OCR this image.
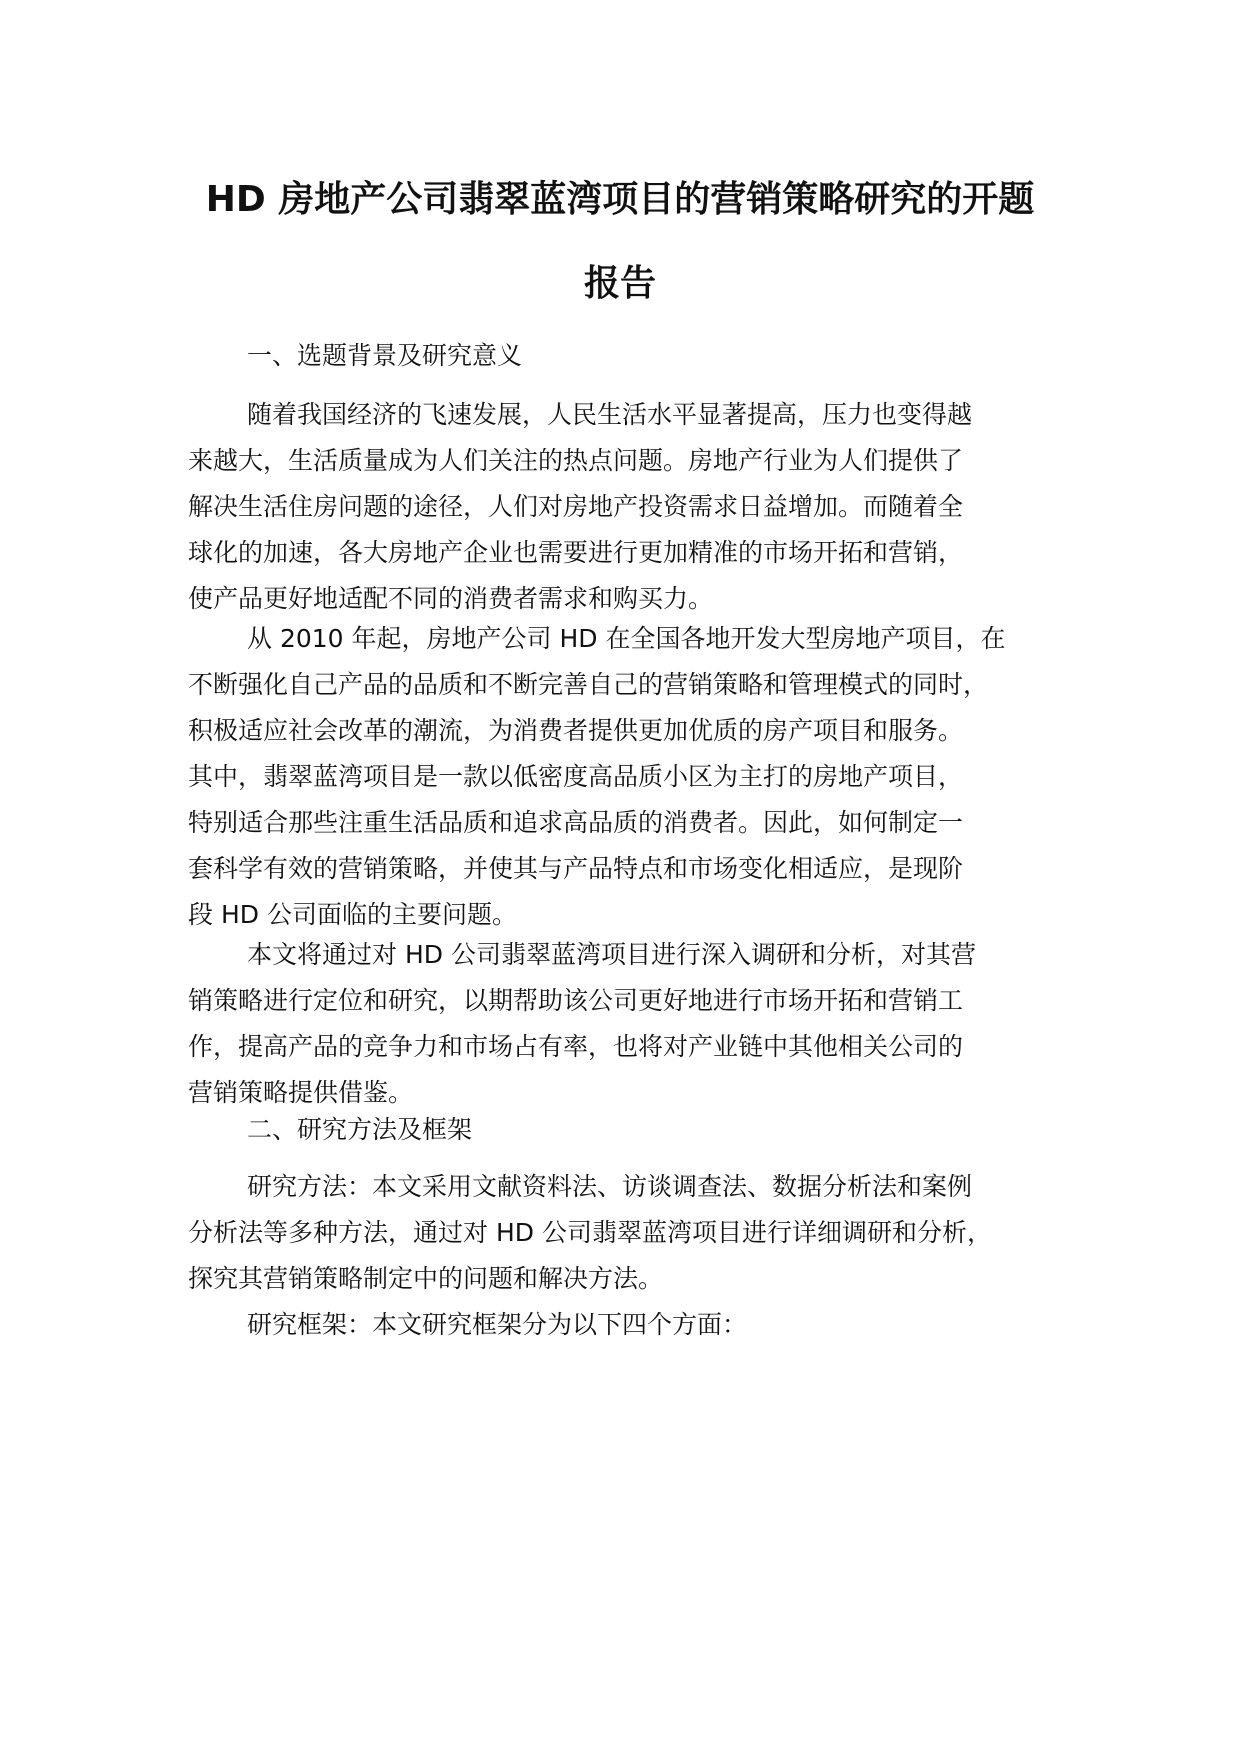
HD 房地产公司翡翠蓝湾项目的营销策略研究的开题
报告
一、选题背景及研究意义

随着我国经济的飞速发展，人民生活水平显著提高，压力也变得越
来越大，生活质量成为人们关注的热点问题。房地产行业为人们提供了
解决生活住房问题的途径，人们对房地产投资需求日益增加。而随着全
球化的加速，各大房地产企业也需要进行更加精准的市场开拓和营销，
使产品更好地适配不同的消费者需求和购买力。

从 2010 年起，房地产公司 HD 在全国各地开发大型房地产项目，在
不断强化自己产品的品质和不断完善自己的营销策略和管理模式的同时，
积极适应社会改革的潮流，为消费者提供更加优质的房产项目和服务。
其中，翡翠蓝湾项目是一款以低密度高品质小区为主打的房地产项目，
特别适合那些注重生活品质和追求高品质的消费者。因此，如何制定一
套科学有效的营销策略，并使其与产品特点和市场变化相适应，是现阶
段 HD 公司面临的主要问题。

本文将通过对 HD 公司翡翠蓝湾项目进行深入调研和分析，对其营
销策略进行定位和研究，以期帮助该公司更好地进行市场开拓和营销工
作，提高产品的竞争力和市场占有率，也将对产业链中其他相关公司的
营销策略提供借鉴。

二、研究方法及框架

研究方法：本文采用文献资料法、访谈调查法、数据分析法和案例
分析法等多种方法，通过对 HD 公司翡翠蓝湾项目进行详细调研和分析，
探究其营销策略制定中的问题和解决方法。

研究框架：本文研究框架分为以下四个方面：
